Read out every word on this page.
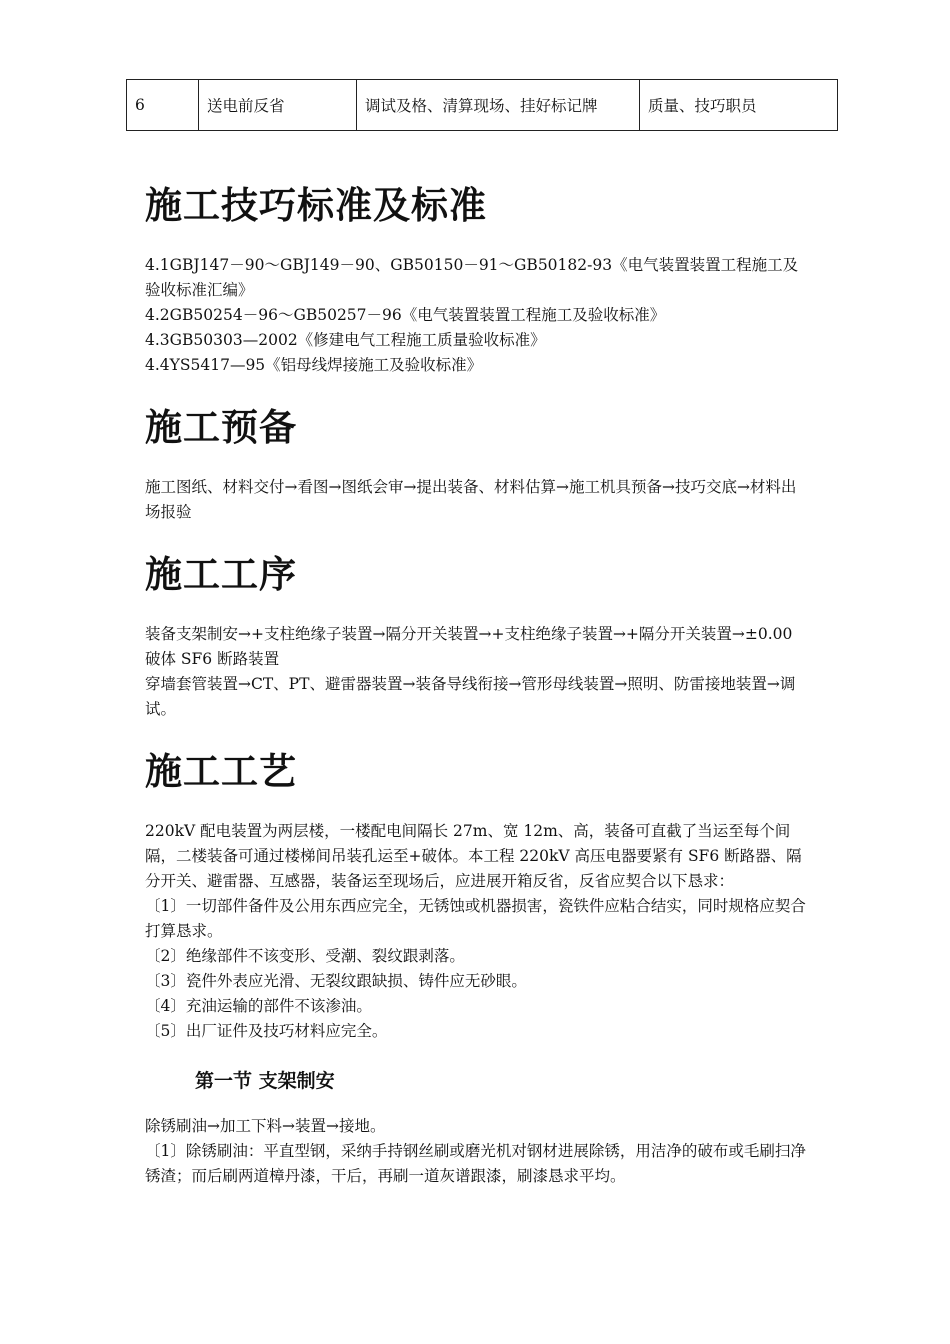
6	送电前反省	调试及格、清算现场、挂好标记牌	质量、技巧职员
施工技巧标准及标准

4.1GBJ147－90～GBJ149－90、GB50150－91～GB50182-93《电气装置装置工程施工及验收标准汇编》

4.2GB50254－96～GB50257－96《电气装置装置工程施工及验收标准》

4.3GB50303—2002《修建电气工程施工质量验收标准》

4.4YS5417—95《铝母线焊接施工及验收标准》

施工预备

施工图纸、材料交付→看图→图纸会审→提出装备、材料估算→施工机具预备→技巧交底→材料出场报验

施工工序

装备支架制安→+支柱绝缘子装置→隔分开关装置→+支柱绝缘子装置→+隔分开关装置→±0.00 破体 SF6 断路装置

穿墙套管装置→CT、PT、避雷器装置→装备导线衔接→管形母线装置→照明、防雷接地装置→调试。

施工工艺

220kV 配电装置为两层楼，一楼配电间隔长 27m、宽 12m、高，装备可直截了当运至每个间隔，二楼装备可通过楼梯间吊装孔运至+破体。本工程 220kV 高压电器要紧有 SF6 断路器、隔分开关、避雷器、互感器，装备运至现场后，应进展开箱反省，反省应契合以下恳求：

〔1〕一切部件备件及公用东西应完全，无锈蚀或机器损害，瓷铁件应粘合结实，同时规格应契合打算恳求。

〔2〕绝缘部件不该变形、受潮、裂纹跟剥落。

〔3〕瓷件外表应光滑、无裂纹跟缺损、铸件应无砂眼。

〔4〕充油运输的部件不该渗油。

〔5〕出厂证件及技巧材料应完全。

第一节 支架制安

除锈刷油→加工下料→装置→接地。

〔1〕除锈刷油：平直型钢，采纳手持钢丝刷或磨光机对钢材进展除锈，用洁净的破布或毛刷扫净锈渣；而后刷两道樟丹漆，干后，再刷一道灰谱跟漆，刷漆恳求平均。
